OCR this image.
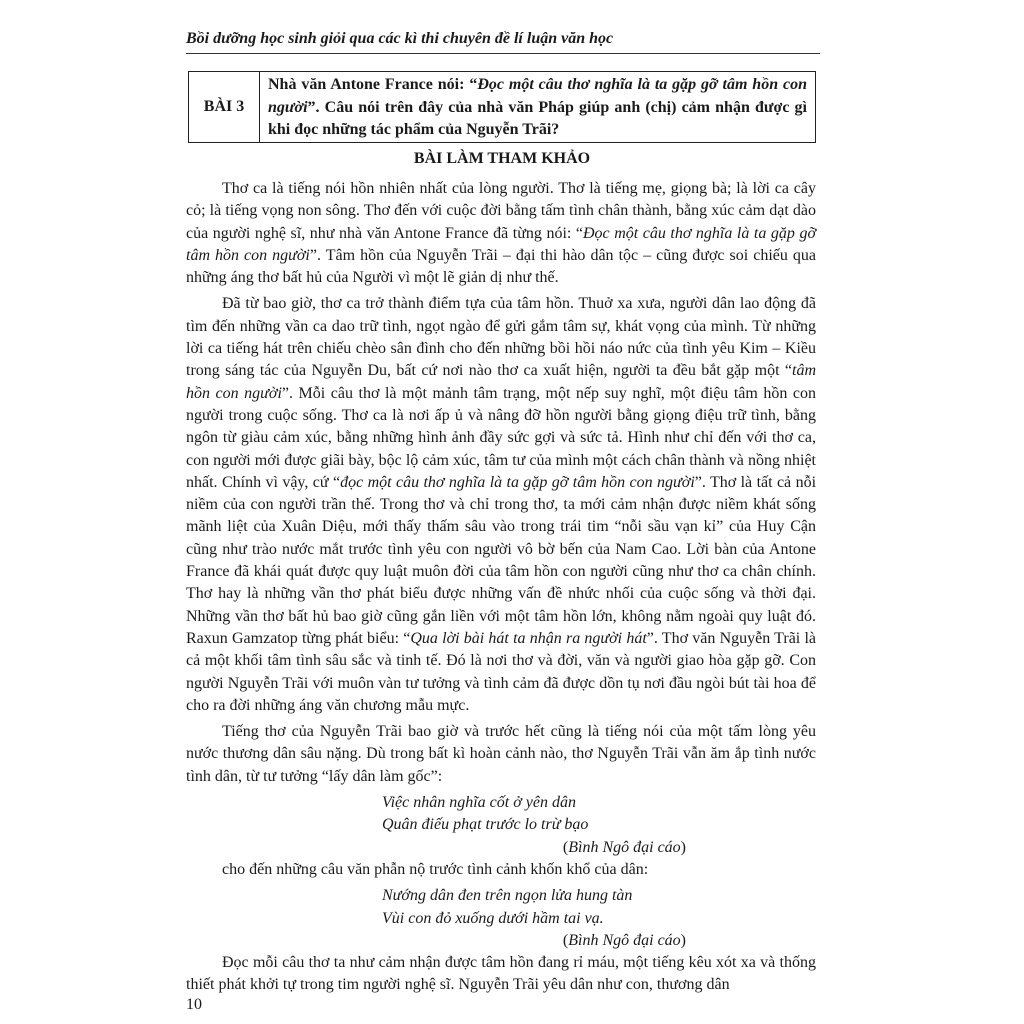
Bồi dưỡng học sinh giỏi qua các kì thi chuyên đề lí luận văn học
BÀI 3
Nhà văn Antone France nói: “Đọc một câu thơ nghĩa là ta gặp gỡ tâm hồn con người”. Câu nói trên đây của nhà văn Pháp giúp anh (chị) cảm nhận được gì khi đọc những tác phẩm của Nguyễn Trãi?
BÀI LÀM THAM KHẢO

Thơ ca là tiếng nói hồn nhiên nhất của lòng người. Thơ là tiếng mẹ, giọng bà; là lời ca cây cỏ; là tiếng vọng non sông. Thơ đến với cuộc đời bằng tấm tình chân thành, bằng xúc cảm dạt dào của người nghệ sĩ, như nhà văn Antone France đã từng nói: “Đọc một câu thơ nghĩa là ta gặp gỡ tâm hồn con người”. Tâm hồn của Nguyễn Trãi – đại thi hào dân tộc – cũng được soi chiếu qua những áng thơ bất hủ của Người vì một lẽ giản dị như thế.

Đã từ bao giờ, thơ ca trở thành điểm tựa của tâm hồn. Thuở xa xưa, người dân lao động đã tìm đến những vần ca dao trữ tình, ngọt ngào để gửi gắm tâm sự, khát vọng của mình. Từ những lời ca tiếng hát trên chiếu chèo sân đình cho đến những bồi hồi náo nức của tình yêu Kim – Kiều trong sáng tác của Nguyễn Du, bất cứ nơi nào thơ ca xuất hiện, người ta đều bắt gặp một “tâm hồn con người”. Mỗi câu thơ là một mảnh tâm trạng, một nếp suy nghĩ, một điệu tâm hồn con người trong cuộc sống. Thơ ca là nơi ấp ủ và nâng đỡ hồn người bằng giọng điệu trữ tình, bằng ngôn từ giàu cảm xúc, bằng những hình ảnh đầy sức gợi và sức tả. Hình như chỉ đến với thơ ca, con người mới được giãi bày, bộc lộ cảm xúc, tâm tư của mình một cách chân thành và nồng nhiệt nhất. Chính vì vậy, cứ “đọc một câu thơ nghĩa là ta gặp gỡ tâm hồn con người”. Thơ là tất cả nỗi niềm của con người trần thế. Trong thơ và chỉ trong thơ, ta mới cảm nhận được niềm khát sống mãnh liệt của Xuân Diệu, mới thấy thấm sâu vào trong trái tim “nỗi sầu vạn kỉ” của Huy Cận cũng như trào nước mắt trước tình yêu con người vô bờ bến của Nam Cao. Lời bàn của Antone France đã khái quát được quy luật muôn đời của tâm hồn con người cũng như thơ ca chân chính. Thơ hay là những vần thơ phát biểu được những vấn đề nhức nhối của cuộc sống và thời đại. Những vần thơ bất hủ bao giờ cũng gắn liền với một tâm hồn lớn, không nằm ngoài quy luật đó. Raxun Gamzatop từng phát biểu: “Qua lời bài hát ta nhận ra người hát”. Thơ văn Nguyễn Trãi là cả một khối tâm tình sâu sắc và tinh tế. Đó là nơi thơ và đời, văn và người giao hòa gặp gỡ. Con người Nguyễn Trãi với muôn vàn tư tưởng và tình cảm đã được dồn tụ nơi đầu ngòi bút tài hoa để cho ra đời những áng văn chương mẫu mực.

Tiếng thơ của Nguyễn Trãi bao giờ và trước hết cũng là tiếng nói của một tấm lòng yêu nước thương dân sâu nặng. Dù trong bất kì hoàn cảnh nào, thơ Nguyễn Trãi vẫn ăm ắp tình nước tình dân, từ tư tưởng “lấy dân làm gốc”:

Việc nhân nghĩa cốt ở yên dân

Quân điếu phạt trước lo trừ bạo

(Bình Ngô đại cáo)

cho đến những câu văn phẫn nộ trước tình cảnh khốn khổ của dân:

Nướng dân đen trên ngọn lửa hung tàn

Vùi con đỏ xuống dưới hầm tai vạ.

(Bình Ngô đại cáo)

Đọc mỗi câu thơ ta như cảm nhận được tâm hồn đang rỉ máu, một tiếng kêu xót xa và thống thiết phát khởi tự trong tim người nghệ sĩ. Nguyễn Trãi yêu dân như con, thương dân

10
